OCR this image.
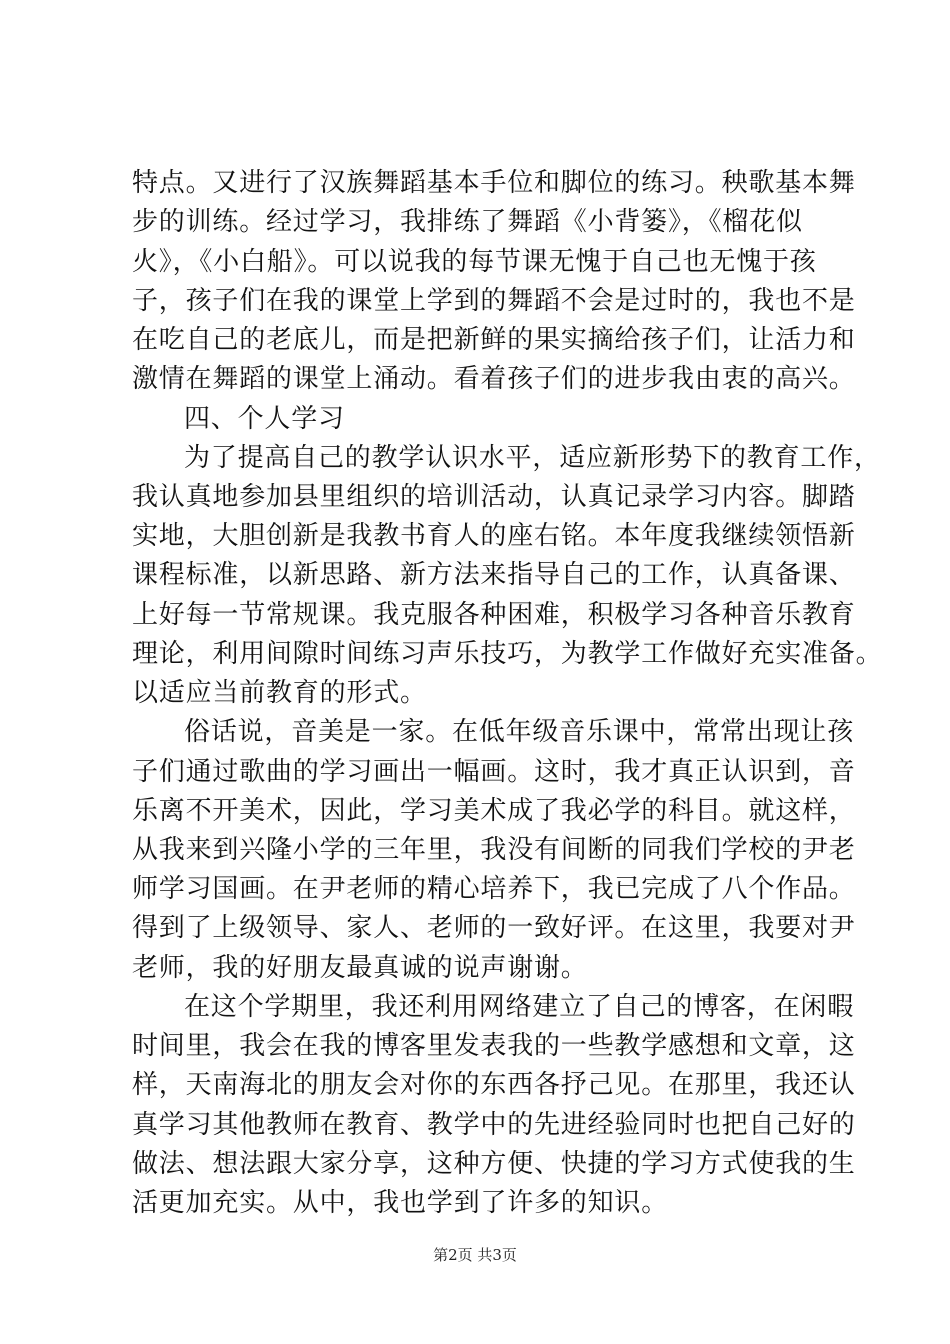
特点。又进行了汉族舞蹈基本手位和脚位的练习。秧歌基本舞
步的训练。经过学习，我排练了舞蹈《小背篓》，《榴花似
火》，《小白船》。可以说我的每节课无愧于自己也无愧于孩
子，孩子们在我的课堂上学到的舞蹈不会是过时的，我也不是
在吃自己的老底儿，而是把新鲜的果实摘给孩子们，让活力和
激情在舞蹈的课堂上涌动。看着孩子们的进步我由衷的高兴。
四、个人学习
为了提高自己的教学认识水平，适应新形势下的教育工作，
我认真地参加县里组织的培训活动，认真记录学习内容。脚踏
实地，大胆创新是我教书育人的座右铭。本年度我继续领悟新
课程标准，以新思路、新方法来指导自己的工作，认真备课、
上好每一节常规课。我克服各种困难，积极学习各种音乐教育
理论，利用间隙时间练习声乐技巧，为教学工作做好充实准备。
以适应当前教育的形式。
俗话说，音美是一家。在低年级音乐课中，常常出现让孩
子们通过歌曲的学习画出一幅画。这时，我才真正认识到，音
乐离不开美术，因此，学习美术成了我必学的科目。就这样，
从我来到兴隆小学的三年里，我没有间断的同我们学校的尹老
师学习国画。在尹老师的精心培养下，我已完成了八个作品。
得到了上级领导、家人、老师的一致好评。在这里，我要对尹
老师，我的好朋友最真诚的说声谢谢。
在这个学期里，我还利用网络建立了自己的博客，在闲暇
时间里，我会在我的博客里发表我的一些教学感想和文章，这
样，天南海北的朋友会对你的东西各抒己见。在那里，我还认
真学习其他教师在教育、教学中的先进经验同时也把自己好的
做法、想法跟大家分享，这种方便、快捷的学习方式使我的生
活更加充实。从中，我也学到了许多的知识。
第2页 共3页
